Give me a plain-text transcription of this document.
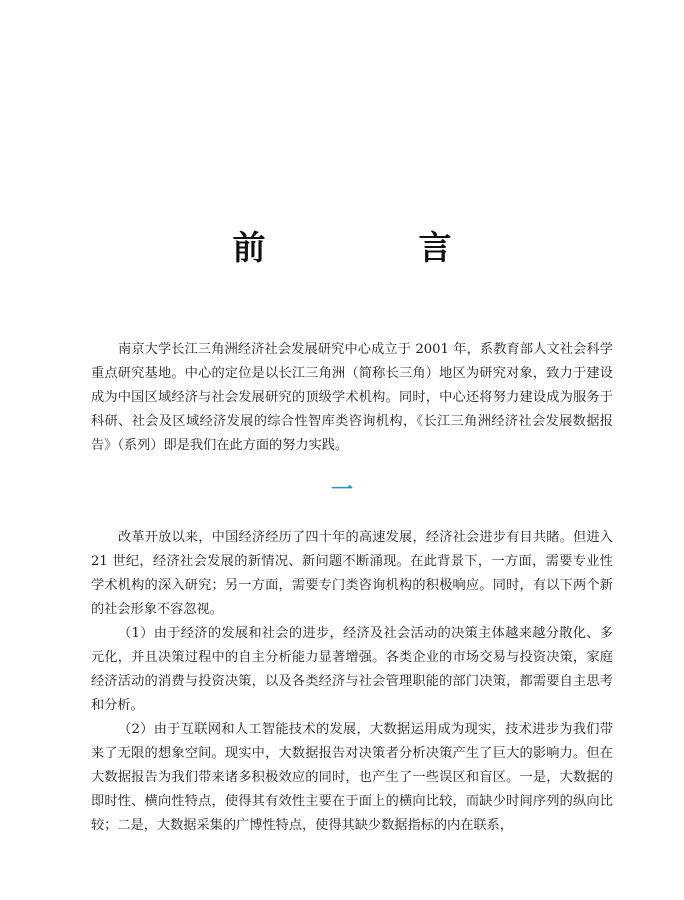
前　言

南京大学长江三角洲经济社会发展研究中心成立于 2001 年，系教育部人文社会科学重点研究基地。中心的定位是以长江三角洲（简称长三角）地区为研究对象，致力于建设成为中国区域经济与社会发展研究的顶级学术机构。同时，中心还将努力建设成为服务于科研、社会及区域经济发展的综合性智库类咨询机构，《长江三角洲经济社会发展数据报告》（系列）即是我们在此方面的努力实践。

一

改革开放以来，中国经济经历了四十年的高速发展，经济社会进步有目共睹。但进入 21 世纪，经济社会发展的新情况、新问题不断涌现。在此背景下，一方面，需要专业性学术机构的深入研究；另一方面，需要专门类咨询机构的积极响应。同时，有以下两个新的社会形象不容忽视。

（1）由于经济的发展和社会的进步，经济及社会活动的决策主体越来越分散化、多元化，并且决策过程中的自主分析能力显著增强。各类企业的市场交易与投资决策，家庭经济活动的消费与投资决策，以及各类经济与社会管理职能的部门决策，都需要自主思考和分析。

（2）由于互联网和人工智能技术的发展，大数据运用成为现实，技术进步为我们带来了无限的想象空间。现实中，大数据报告对决策者分析决策产生了巨大的影响力。但在大数据报告为我们带来诸多积极效应的同时，也产生了一些误区和盲区。一是，大数据的即时性、横向性特点，使得其有效性主要在于面上的横向比较，而缺少时间序列的纵向比较；二是，大数据采集的广博性特点，使得其缺少数据指标的内在联系，
